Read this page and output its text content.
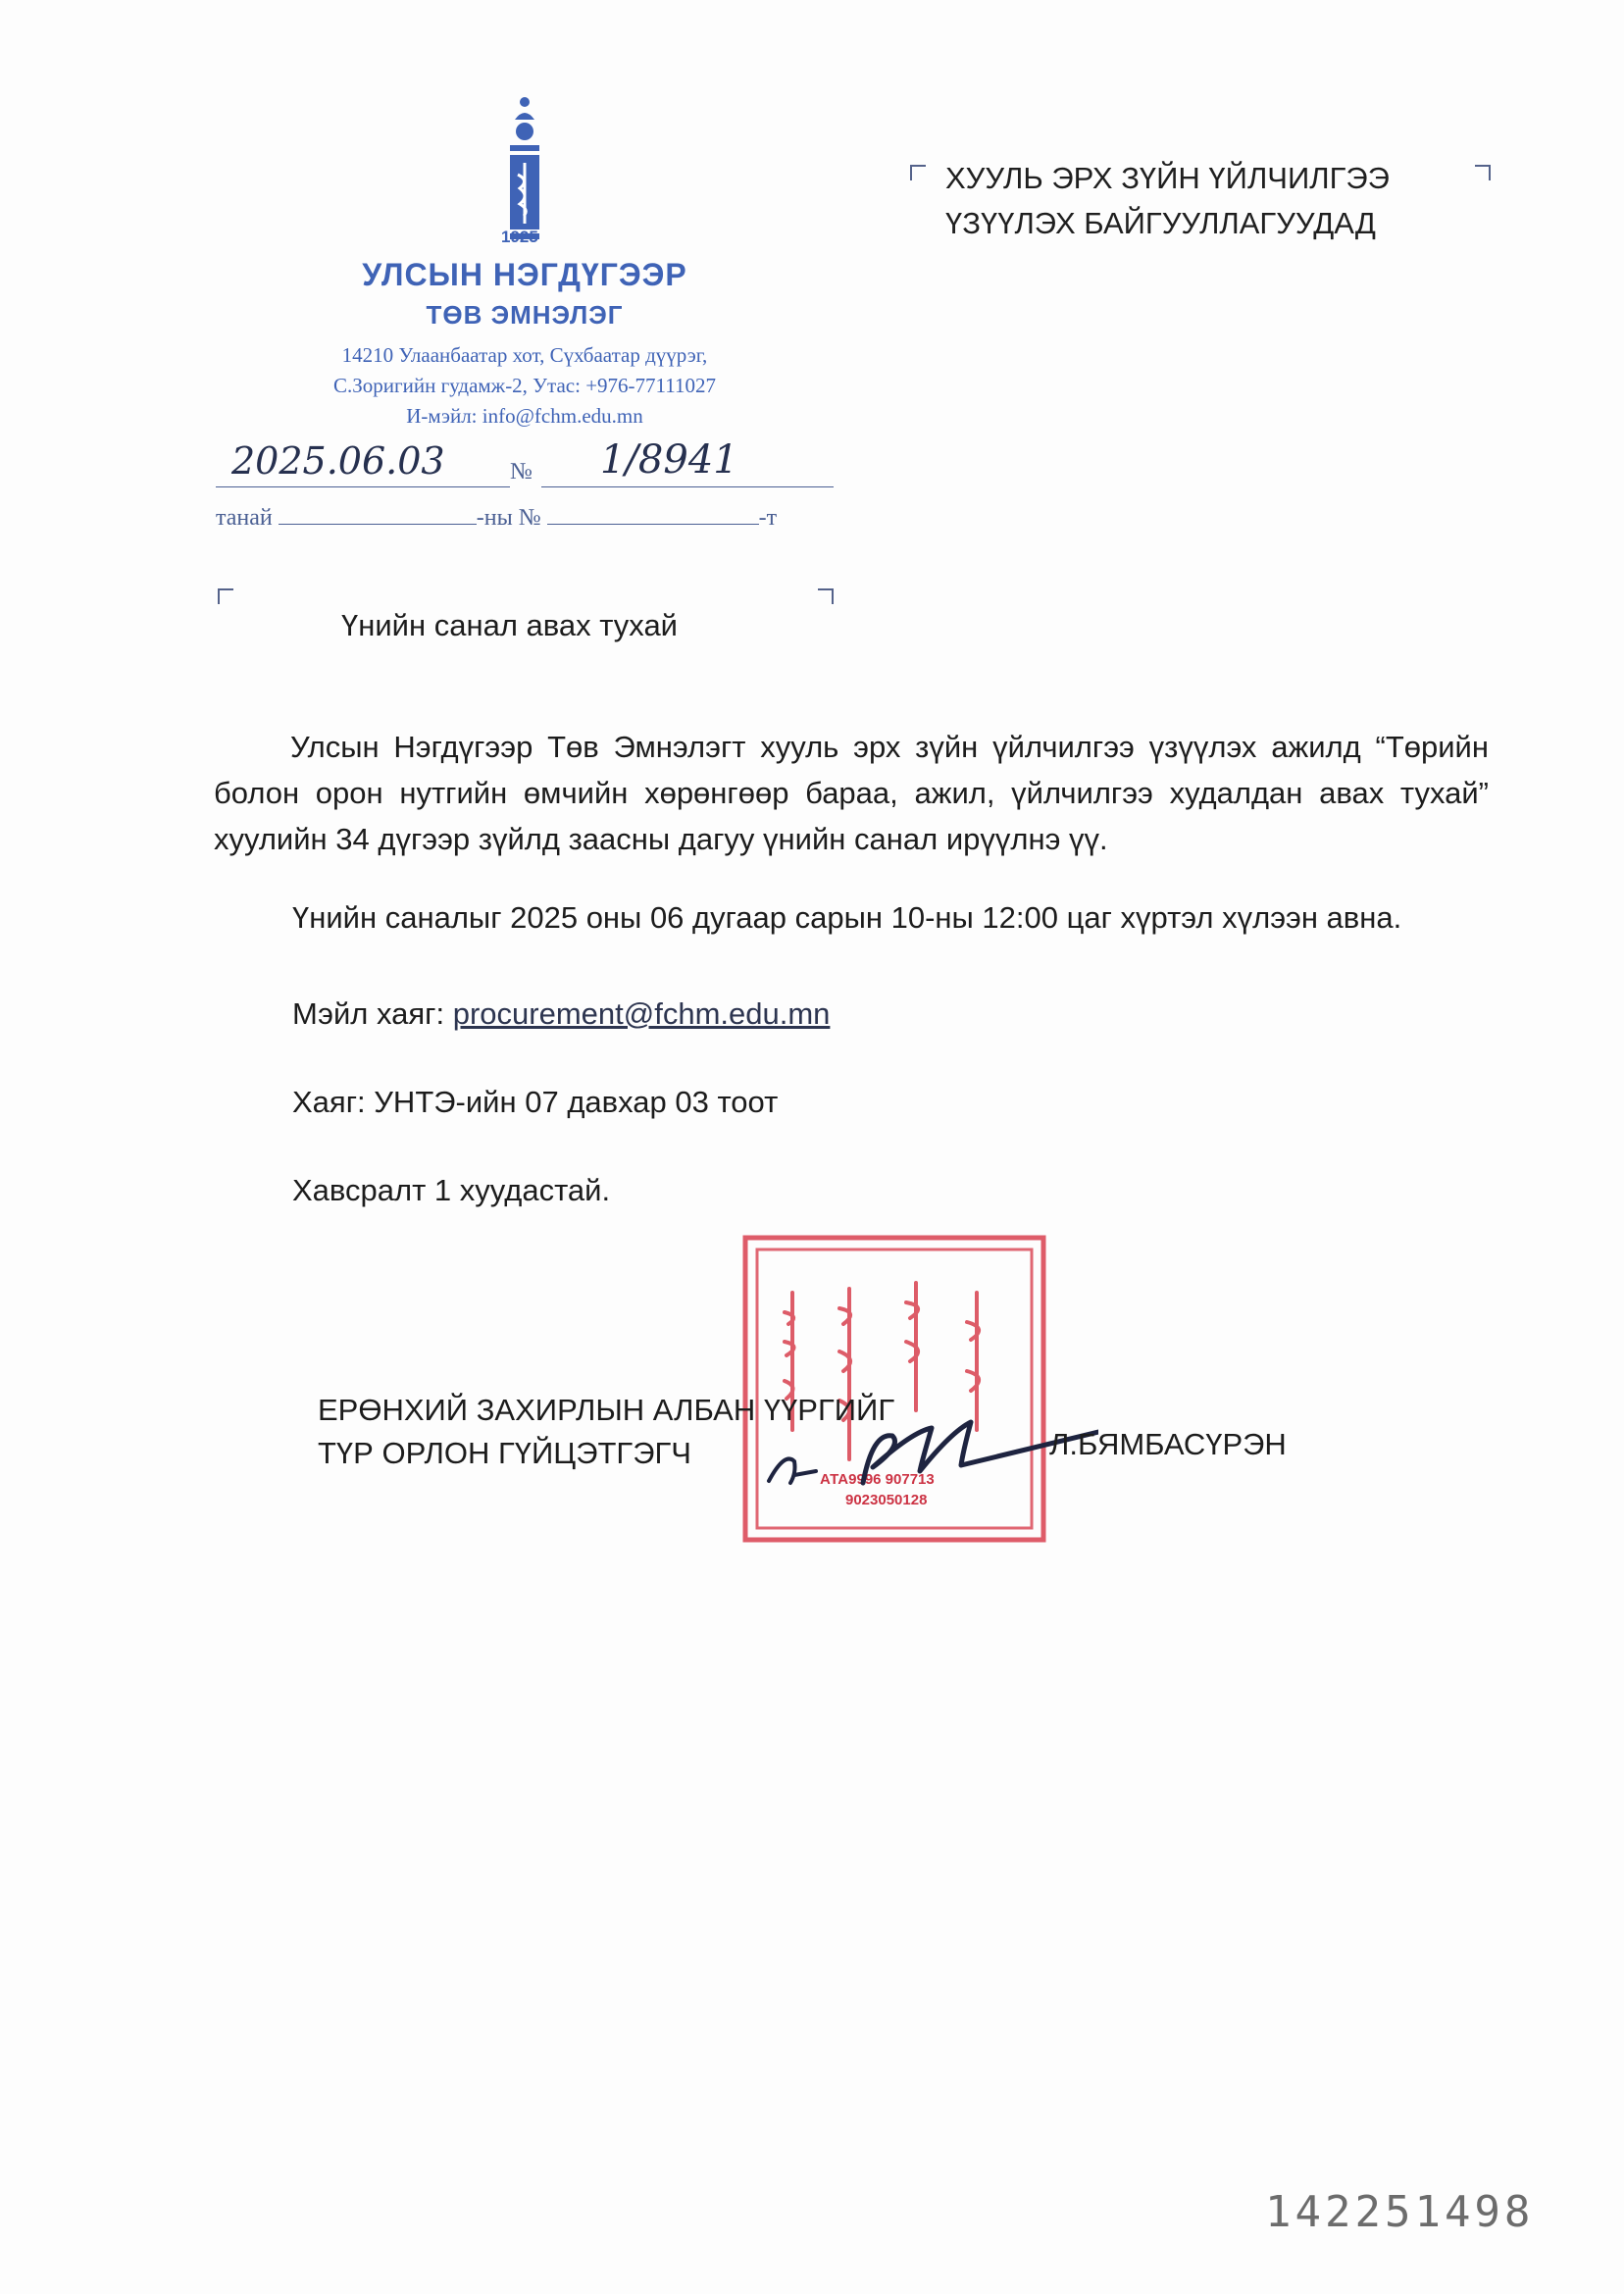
1925
УЛСЫН НЭГДҮГЭЭР
ТӨВ ЭМНЭЛЭГ
14210 Улаанбаатар хот, Сүхбаатар дүүрэг,
С.Зоригийн гудамж-2, Утас: +976-77111027
И-мэйл: info@fchm.edu.mn
2025.06.03	№ 1/8941
танай	-ны №	-т
ХУУЛЬ ЭРХ ЗҮЙН ҮЙЛЧИЛГЭЭ
ҮЗҮҮЛЭХ БАЙГУУЛЛАГУУДАД
Үнийн санал авах тухай
Улсын Нэгдүгээр Төв Эмнэлэгт хууль эрх зүйн үйлчилгээ үзүүлэх ажилд “Төрийн болон орон нутгийн өмчийн хөрөнгөөр бараа, ажил, үйлчилгээ худалдан авах тухай” хуулийн 34 дүгээр зүйлд заасны дагуу үнийн санал ирүүлнэ үү.
Үнийн саналыг 2025 оны 06 дугаар сарын 10-ны 12:00 цаг хүртэл хүлээн авна.
Мэйл хаяг: procurement@fchm.edu.mn
Хаяг: УНТЭ-ийн 07 давхар 03 тоот
Хавсралт 1 хуудастай.
АТА9996 907713
9023050128
ЕРӨНХИЙ ЗАХИРЛЫН АЛБАН ҮҮРГИЙГ
ТҮР ОРЛОН ГҮЙЦЭТГЭГЧ	Л.БЯМБАСҮРЭН
142251498
